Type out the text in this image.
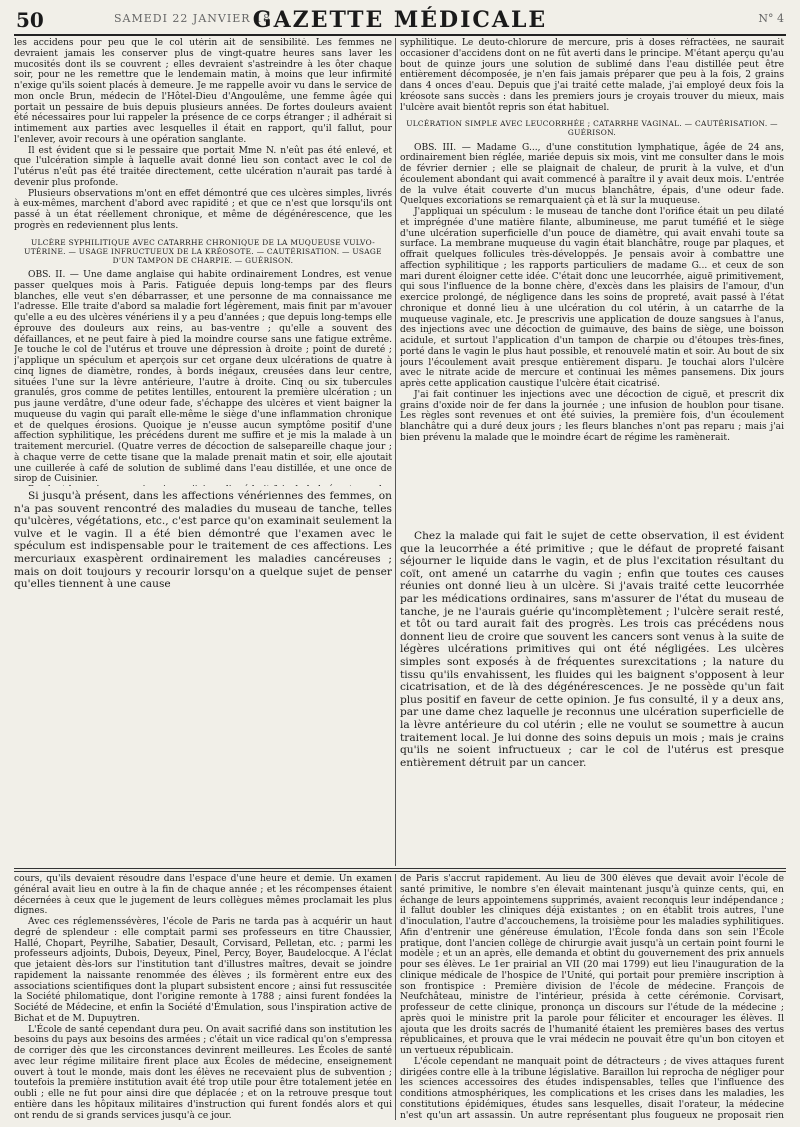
50	SAMEDI 22 JANVIER 18
GAZETTE MÉDICALE	N° 4

les accidens pour peu que le col utérin ait de sensibilité. Les femmes ne devraient jamais les conserver plus de vingt-quatre heures sans laver les mucosités dont ils se couvrent ; elles devraient s'astreindre à les ôter chaque soir, pour ne les remettre que le lendemain matin, à moins que leur infirmité n'exige qu'ils soient placés à demeure. Je me rappelle avoir vu dans le service de mon oncle Brun, médecin de l'Hôtel-Dieu d'Angoulême, une femme âgée qui portait un pessaire de buis depuis plusieurs années. De fortes douleurs avaient été nécessaires pour lui rappeler la présence de ce corps étranger ; il adhérait si intimement aux parties avec lesquelles il était en rapport, qu'il fallut, pour l'enlever, avoir recours à une opération sanglante.

Il est évident que si le pessaire que portait Mme N. n'eût pas été enlevé, et que l'ulcération simple à laquelle avait donné lieu son contact avec le col de l'utérus n'eût pas été traitée directement, cette ulcération n'aurait pas tardé à devenir plus profonde.

Plusieurs observations m'ont en effet démontré que ces ulcères simples, livrés à eux-mêmes, marchent d'abord avec rapidité ; et que ce n'est que lorsqu'ils ont passé à un état réellement chronique, et même de dégénérescence, que les progrès en redeviennent plus lents.

ULCÈRE SYPHILITIQUE AVEC CATARRHE CHRONIQUE DE LA MUQUEUSE VULVO-UTÉRINE. — USAGE INFRUCTUEUX DE LA KRÉOSOTE. — CAUTÉRISATION. — USAGE D'UN TAMPON DE CHARPIE. — GUÉRISON.

OBS. II. — Une dame anglaise qui habite ordinairement Londres, est venue passer quelques mois à Paris. Fatiguée depuis long-temps par des fleurs blanches, elle veut s'en débarrasser, et une personne de ma connaissance me l'adresse. Elle traite d'abord sa maladie fort légèrement, mais finit par m'avouer qu'elle a eu des ulcères vénériens il y a peu d'années ; que depuis long-temps elle éprouve des douleurs aux reins, au bas-ventre ; qu'elle a souvent des défaillances, et ne peut faire à pied la moindre course sans une fatigue extrême. Je touche le col de l'utérus et trouve une dépression à droite ; point de dureté ; j'applique un spéculum et aperçois sur cet organe deux ulcérations de quatre à cinq lignes de diamètre, rondes, à bords inégaux, creusées dans leur centre, situées l'une sur la lèvre antérieure, l'autre à droite. Cinq ou six tubercules granulés, gros comme de petites lentilles, entourent la première ulcération ; un pus jaune verdâtre, d'une odeur fade, s'échappe des ulcères et vient baigner la muqueuse du vagin qui paraît elle-même le siège d'une inflammation chronique et de quelques érosions. Quoique je n'eusse aucun symptôme positif d'une affection syphilitique, les précédens durent me suffire et je mis la malade à un traitement mercuriel. (Quatre verres de décoction de salsepareille chaque jour ; à chaque verre de cette tisane que la malade prenait matin et soir, elle ajoutait une cuillerée à café de solution de sublimé dans l'eau distillée, et une once de sirop de Cuisinier.

Si jusqu'à présent, dans les affections vénériennes des femmes, on n'a pas souvent rencontré des maladies du museau de tanche, telles qu'ulcères, végétations, etc., c'est parce qu'on examinait seulement la vulve et le vagin. Il a été bien démontré que l'examen avec le spéculum est indispensable pour le traitement de ces affections. Les mercuriaux exaspèrent ordinairement les maladies cancéreuses ; mais on doit toujours y recourir lorsqu'on a quelque sujet de penser qu'elles tiennent à une cause

syphilitique. Le deuto-chlorure de mercure, pris à doses réfractées, ne saurait occasioner d'accidens dont on ne fût averti dans le principe. M'étant aperçu qu'au bout de quinze jours une solution de sublimé dans l'eau distillée peut être entièrement décomposée, je n'en fais jamais préparer que peu à la fois, 2 grains dans 4 onces d'eau. Depuis que j'ai traité cette malade, j'ai employé deux fois la kréosote sans succès : dans les premiers jours je croyais trouver du mieux, mais l'ulcère avait bientôt repris son état habituel.

ULCÉRATION SIMPLE AVEC LEUCORRHÉE ; CATARRHE VAGINAL. — CAUTÉRISATION. — GUÉRISON.

OBS. III. — Madame G..., d'une constitution lymphatique, âgée de 24 ans, ordinairement bien réglée, mariée depuis six mois, vint me consulter dans le mois de février dernier ; elle se plaignait de chaleur, de prurit à la vulve, et d'un écoulement abondant qui avait commencé à paraître il y avait deux mois. L'entrée de la vulve était couverte d'un mucus blanchâtre, épais, d'une odeur fade. Quelques excoriations se remarquaient çà et là sur la muqueuse.

J'appliquai un spéculum : le museau de tanche dont l'orifice était un peu dilaté et imprégnée d'une matière filante, albumineuse, me parut tuméfié et le siège d'une ulcération superficielle d'un pouce de diamètre, qui avait envahi toute sa surface. La membrane muqueuse du vagin était blanchâtre, rouge par plaques, et offrait quelques follicules très-développés. Je pensais avoir à combattre une affection syphilitique ; les rapports particuliers de madame G... et ceux de son mari durent éloigner cette idée. C'était donc une leucorrhée, aiguë primitivement, qui sous l'influence de la bonne chère, d'excès dans les plaisirs de l'amour, d'un exercice prolongé, de négligence dans les soins de propreté, avait passé à l'état chronique et donné lieu à une ulcération du col utérin, à un catarrhe de la muqueuse vaginale, etc. Je prescrivis une application de douze sangsues à l'anus, des injections avec une décoction de guimauve, des bains de siège, une boisson acidule, et surtout l'application d'un tampon de charpie ou d'étoupes très-fines, porté dans le vagin le plus haut possible, et renouvelé matin et soir. Au bout de six jours l'écoulement avait presque entièrement disparu. Je touchai alors l'ulcère avec le nitrate acide de mercure et continuai les mêmes pansemens. Dix jours après cette application caustique l'ulcère était cicatrisé.

J'ai fait continuer les injections avec une décoction de ciguë, et prescrit dix grains d'oxide noir de fer dans la journée ; une infusion de houblon pour tisane. Les règles sont revenues et ont été suivies, la première fois, d'un écoulement blanchâtre qui a duré deux jours ; les fleurs blanches n'ont pas reparu ; mais j'ai bien prévenu la malade que le moindre écart de régime les ramènerait.

Chez la malade qui fait le sujet de cette observation, il est évident que la leucorrhée a été primitive ; que le défaut de propreté faisant séjourner le liquide dans le vagin, et de plus l'excitation résultant du coït, ont amené un catarrhe du vagin ; enfin que toutes ces causes réunies ont donné lieu à un ulcère. Si j'avais traité cette leucorrhée par les médications ordinaires, sans m'assurer de l'état du museau de tanche, je ne l'aurais guérie qu'incomplètement ; l'ulcère serait resté, et tôt ou tard aurait fait des progrès. Les trois cas précédens nous donnent lieu de croire que souvent les cancers sont venus à la suite de légères ulcérations primitives qui ont été négligées. Les ulcères simples sont exposés à de fréquentes surexcitations ; la nature du tissu qu'ils envahissent, les fluides qui les baignent s'opposent à leur cicatrisation, et de là des dégénérescences. Je ne possède qu'un fait plus positif en faveur de cette opinion. Je fus consulté, il y a deux ans, par une dame chez laquelle je reconnus une ulcération superficielle de la lèvre antérieure du col utérin ; elle ne voulut se soumettre à aucun traitement local. Je lui donne des soins depuis un mois ; mais je crains qu'ils ne soient infructueux ; car le col de l'utérus est presque entièrement détruit par un cancer.

cours, qu'ils devaient résoudre dans l'espace d'une heure et demie. Un examen général avait lieu en outre à la fin de chaque année ; et les récompenses étaient décernées à ceux que le jugement de leurs collègues mêmes proclamait les plus dignes.

Avec ces réglemenssévères, l'école de Paris ne tarda pas à acquérir un haut degré de splendeur : elle comptait parmi ses professeurs en titre Chaussier, Hallé, Chopart, Peyrilhe, Sabatier, Desault, Corvisard, Pelletan, etc. ; parmi les professeurs adjoints, Dubois, Deyeux, Pinel, Percy, Boyer, Baudelocque. A l'éclat que jetaient dès-lors sur l'institution tant d'illustres maîtres, devait se joindre rapidement la naissante renommée des élèves ; ils formèrent entre eux des associations scientifiques dont la plupart subsistent encore ; ainsi fut ressuscitée la Société philomatique, dont l'origine remonte à 1788 ; ainsi furent fondées la Société de Médecine, et enfin la Société d'Émulation, sous l'inspiration active de Bichat et de M. Dupuytren.

L'École de santé cependant dura peu. On avait sacrifié dans son institution les besoins du pays aux besoins des armées ; c'était un vice radical qu'on s'empressa de corriger dès que les circonstances devinrent meilleures. Les Écoles de santé avec leur régime militaire firent place aux Écoles de médecine, enseignement ouvert à tout le monde, mais dont les élèves ne recevaient plus de subvention ; toutefois la première institution avait été trop utile pour être totalement jetée en oubli ; elle ne fut pour ainsi dire que déplacée ; et on la retrouve presque tout entière dans les hôpitaux militaires d'instruction qui furent fondés alors et qui ont rendu de si grands services jusqu'à ce jour.

de Paris s'accrut rapidement. Au lieu de 300 élèves que devait avoir l'école de santé primitive, le nombre s'en élevait maintenant jusqu'à quinze cents, qui, en échange de leurs appointemens supprimés, avaient reconquis leur indépendance ; il fallut doubler les cliniques déjà existantes ; on en établit trois autres, l'une d'inoculation, l'autre d'accouchemens, la troisième pour les maladies syphilitiques. Afin d'entrenir une généreuse émulation, l'École fonda dans son sein l'École pratique, dont l'ancien collège de chirurgie avait jusqu'à un certain point fourni le modèle ; et un an après, elle demanda et obtint du gouvernement des prix annuels pour ses élèves. Le 1er prairial an VII (20 mai 1799) eut lieu l'inauguration de la clinique médicale de l'hospice de l'Unité, qui portait pour première inscription à son frontispice : Première division de l'école de médecine. François de Neufchâteau, ministre de l'intérieur, présida à cette cérémonie. Corvisart, professeur de cette clinique, prononça un discours sur l'étude de la médecine ; après quoi le ministre prit la parole pour féliciter et encourager les élèves. Il ajouta que les droits sacrés de l'humanité étaient les premières bases des vertus républicaines, et prouva que le vrai médecin ne pouvait être qu'un bon citoyen et un vertueux républicain.

L'école cependant ne manquait point de détracteurs ; de vives attaques furent dirigées contre elle à la tribune législative. Baraillon lui reprocha de négliger pour les sciences accessoires des études indispensables, telles que l'influence des conditions atmosphériques, les complications et les crises dans les maladies, les constitutions épidémiques, études sans lesquelles, disait l'orateur, la médecine n'est qu'un art assassin. Un autre représentant plus fougueux ne proposait rien
